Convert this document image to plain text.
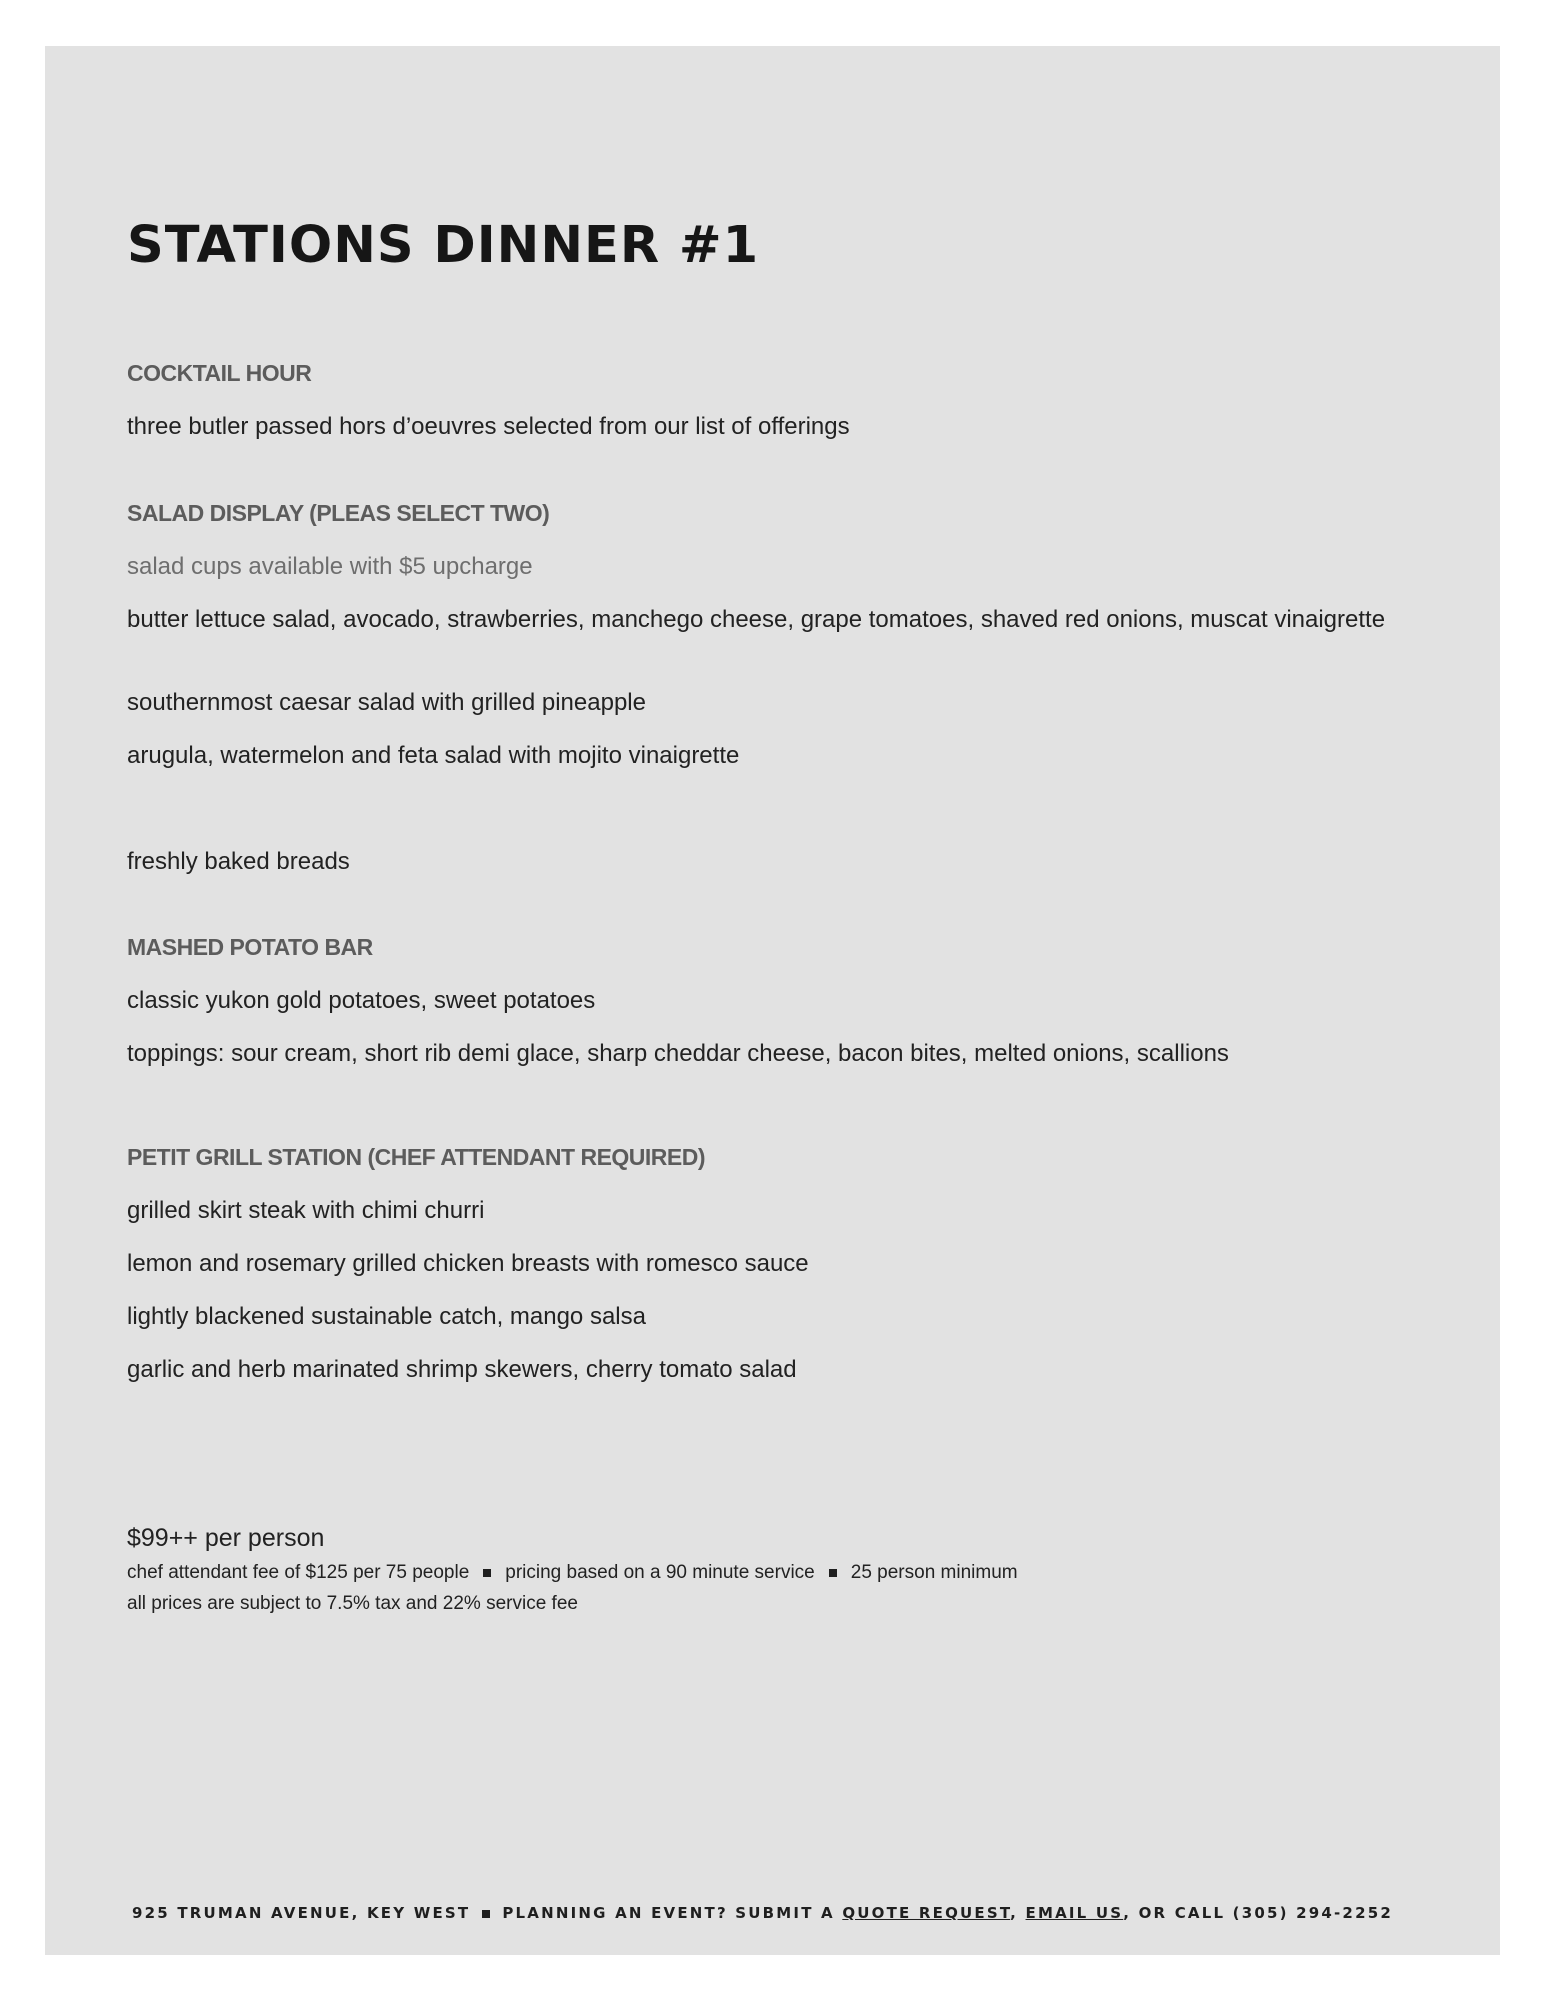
STATIONS DINNER #1
COCKTAIL HOUR

three butler passed hors d’oeuvres selected from our list of offerings

SALAD DISPLAY (PLEAS SELECT TWO)

salad cups available with $5 upcharge

butter lettuce salad, avocado, strawberries, manchego cheese, grape tomatoes, shaved red onions, muscat vinaigrette

southernmost caesar salad with grilled pineapple

arugula, watermelon and feta salad with mojito vinaigrette

freshly baked breads

MASHED POTATO BAR

classic yukon gold potatoes, sweet potatoes

toppings: sour cream, short rib demi glace, sharp cheddar cheese, bacon bites, melted onions, scallions

PETIT GRILL STATION (CHEF ATTENDANT REQUIRED)

grilled skirt steak with chimi churri

lemon and rosemary grilled chicken breasts with romesco sauce

lightly blackened sustainable catch, mango salsa

garlic and herb marinated shrimp skewers, cherry tomato salad

$99++ per person

chef attendant fee of $125 per 75 people pricing based on a 90 minute service 25 person minimum

all prices are subject to 7.5% tax and 22% service fee

925 TRUMAN AVENUE, KEY WEST PLANNING AN EVENT? SUBMIT A QUOTE REQUEST, EMAIL US, OR CALL (305) 294-2252
